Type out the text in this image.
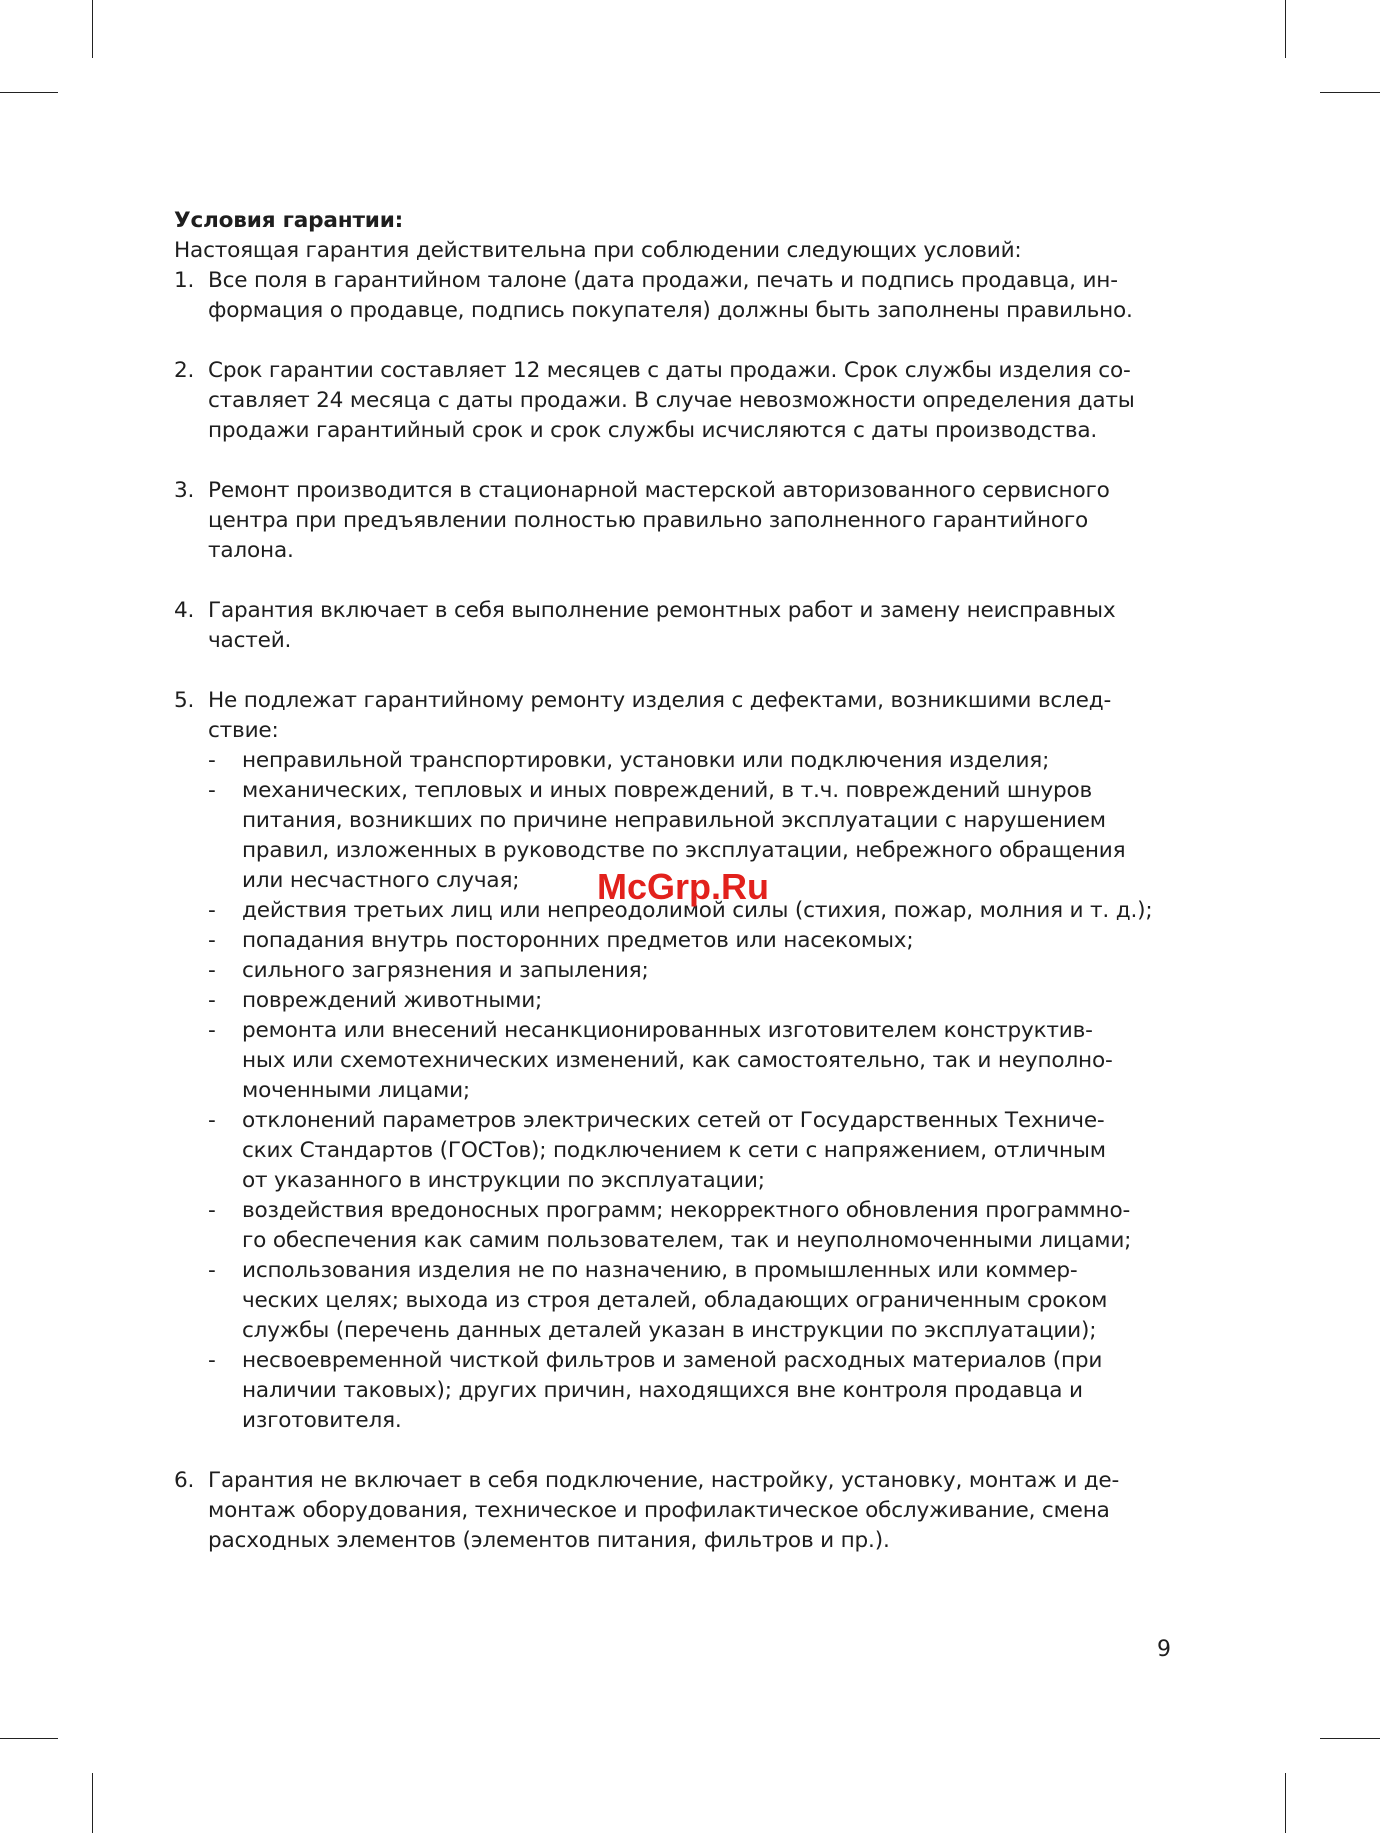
Условия гарантии:
Настоящая гарантия действительна при соблюдении следующих условий:
1. Все поля в гарантийном талоне (дата продажи, печать и подпись продавца, ин-
формация о продавце, подпись покупателя) должны быть заполнены правильно.
2. Срок гарантии составляет 12 месяцев с даты продажи. Срок службы изделия со-
ставляет 24 месяца с даты продажи. В случае невозможности определения даты
продажи гарантийный срок и срок службы исчисляются с даты производства.
3. Ремонт производится в стационарной мастерской авторизованного сервисного
центра при предъявлении полностью правильно заполненного гарантийного
талона.
4. Гарантия включает в себя выполнение ремонтных работ и замену неисправных
частей.
5. Не подлежат гарантийному ремонту изделия с дефектами, возникшими вслед-
ствие:
- неправильной транспортировки, установки или подключения изделия;
- механических, тепловых и иных повреждений, в т.ч. повреждений шнуров
питания, возникших по причине неправильной эксплуатации с нарушением
правил, изложенных в руководстве по эксплуатации, небрежного обращения
или несчастного случая;
- действия третьих лиц или непреодолимой силы (стихия, пожар, молния и т. д.);
- попадания внутрь посторонних предметов или насекомых;
- сильного загрязнения и запыления;
- повреждений животными;
- ремонта или внесений несанкционированных изготовителем конструктив-
ных или схемотехнических изменений, как самостоятельно, так и неуполно-
моченными лицами;
- отклонений параметров электрических сетей от Государственных Техниче-
ских Стандартов (ГОСТов); подключением к сети с напряжением, отличным
от указанного в инструкции по эксплуатации;
- воздействия вредоносных программ; некорректного обновления программно-
го обеспечения как самим пользователем, так и неуполномоченными лицами;
- использования изделия не по назначению, в промышленных или коммер-
ческих целях; выхода из строя деталей, обладающих ограниченным сроком
службы (перечень данных деталей указан в инструкции по эксплуатации);
- несвоевременной чисткой фильтров и заменой расходных материалов (при
наличии таковых); других причин, находящихся вне контроля продавца и
изготовителя.
6. Гарантия не включает в себя подключение, настройку, установку, монтаж и де-
монтаж оборудования, техническое и профилактическое обслуживание, смена
расходных элементов (элементов питания, фильтров и пр.).
McGrp.Ru
9
